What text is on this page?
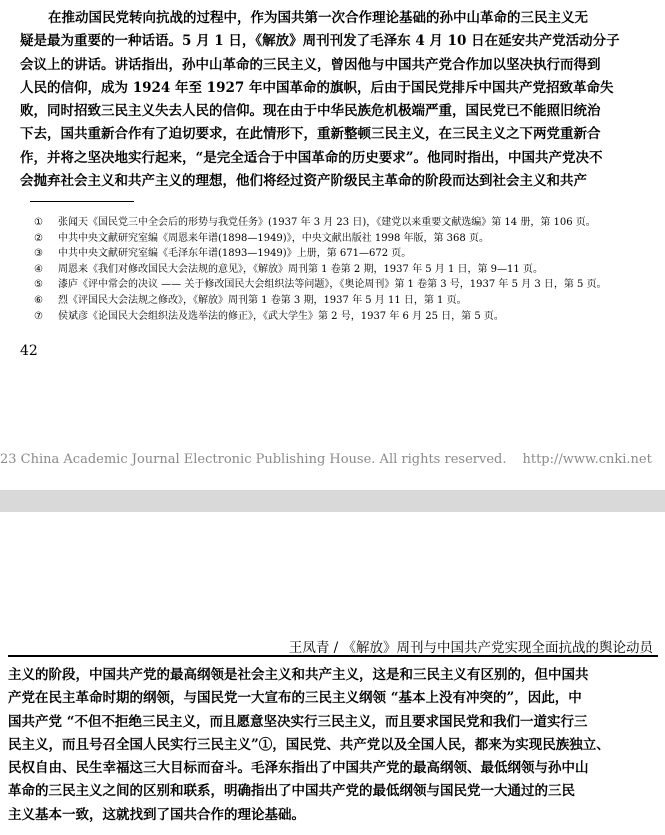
在推动国民党转向抗战的过程中，作为国共第一次合作理论基础的孙中山革命的三民主义无
疑是最为重要的一种话语。5 月 1 日，《解放》周刊刊发了毛泽东 4 月 10 日在延安共产党活动分子
会议上的讲话。讲话指出，孙中山革命的三民主义，曾因他与中国共产党合作加以坚决执行而得到
人民的信仰，成为 1924 年至 1927 年中国革命的旗帜，后由于国民党排斥中国共产党招致革命失
败，同时招致三民主义失去人民的信仰。现在由于中华民族危机极端严重，国民党已不能照旧统治
下去，国共重新合作有了迫切要求，在此情形下，重新整顿三民主义，在三民主义之下两党重新合
作，并将之坚决地实行起来，“是完全适合于中国革命的历史要求”。他同时指出，中国共产党决不
会抛弃社会主义和共产主义的理想，他们将经过资产阶级民主革命的阶段而达到社会主义和共产
① 张闻天《国民党三中全会后的形势与我党任务》(1937 年 3 月 23 日)，《建党以来重要文献选编》第 14 册，第 106 页。
② 中共中央文献研究室编《周恩来年谱(1898—1949)》，中央文献出版社 1998 年版，第 368 页。
③ 中共中央文献研究室编《毛泽东年谱(1893—1949)》上册，第 671—672 页。
④ 周恩来《我们对修改国民大会法规的意见》，《解放》周刊第 1 卷第 2 期，1937 年 5 月 1 日，第 9—11 页。
⑤ 漆庐《评中常会的决议 —— 关于修改国民大会组织法等问题》，《奥论周刊》第 1 卷第 3 号，1937 年 5 月 3 日，第 5 页。
⑥ 烈《评国民大会法规之修改》，《解放》周刊第 1 卷第 3 期，1937 年 5 月 11 日，第 1 页。
⑦ 侯斌彦《论国民大会组织法及选举法的修正》，《武大学生》第 2 号，1937 年 6 月 25 日，第 5 页。
42
23 China Academic Journal Electronic Publishing House. All rights reserved. http://www.cnki.net
王凤青 / 《解放》周刊与中国共产党实现全面抗战的舆论动员
主义的阶段，中国共产党的最高纲领是社会主义和共产主义，这是和三民主义有区别的，但中国共
产党在民主革命时期的纲领，与国民党一大宣布的三民主义纲领 “基本上没有冲突的”，因此，中
国共产党 “不但不拒绝三民主义，而且愿意坚决实行三民主义，而且要求国民党和我们一道实行三
民主义，而且号召全国人民实行三民主义”①，国民党、共产党以及全国人民，都来为实现民族独立、
民权自由、民生幸福这三大目标而奋斗。毛泽东指出了中国共产党的最高纲领、最低纲领与孙中山
革命的三民主义之间的区别和联系，明确指出了中国共产党的最低纲领与国民党一大通过的三民
主义基本一致，这就找到了国共合作的理论基础。
